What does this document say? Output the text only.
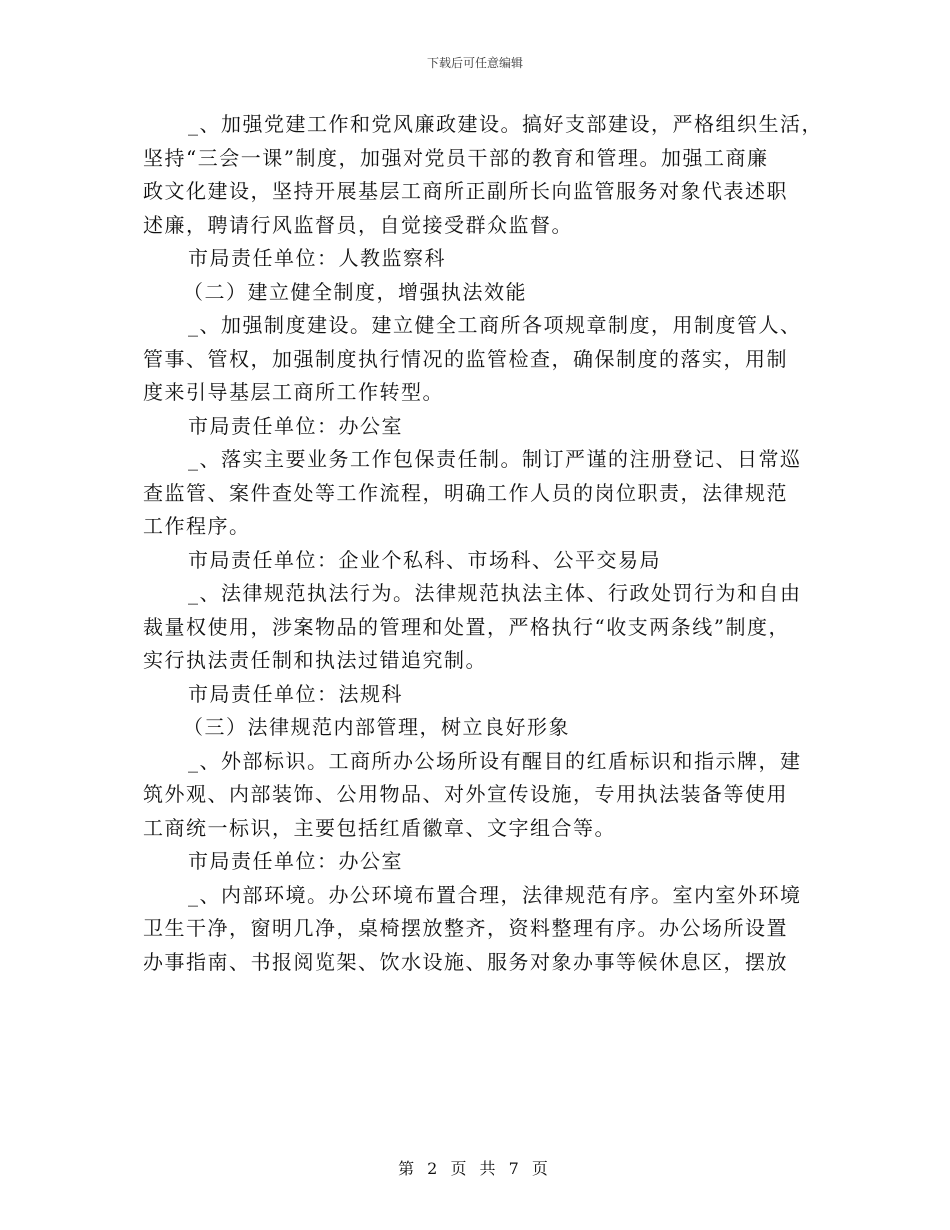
下载后可任意编辑
_、加强党建工作和党风廉政建设。搞好支部建设，严格组织生活，
坚持“三会一课”制度，加强对党员干部的教育和管理。加强工商廉
政文化建设，坚持开展基层工商所正副所长向监管服务对象代表述职
述廉，聘请行风监督员，自觉接受群众监督。
市局责任单位：人教监察科
（二）建立健全制度，增强执法效能
_、加强制度建设。建立健全工商所各项规章制度，用制度管人、
管事、管权，加强制度执行情况的监管检查，确保制度的落实，用制
度来引导基层工商所工作转型。
市局责任单位：办公室
_、落实主要业务工作包保责任制。制订严谨的注册登记、日常巡
查监管、案件查处等工作流程，明确工作人员的岗位职责，法律规范
工作程序。
市局责任单位：企业个私科、市场科、公平交易局
_、法律规范执法行为。法律规范执法主体、行政处罚行为和自由
裁量权使用，涉案物品的管理和处置，严格执行“收支两条线”制度，
实行执法责任制和执法过错追究制。
市局责任单位：法规科
（三）法律规范内部管理，树立良好形象
_、外部标识。工商所办公场所设有醒目的红盾标识和指示牌，建
筑外观、内部装饰、公用物品、对外宣传设施，专用执法装备等使用
工商统一标识，主要包括红盾徽章、文字组合等。
市局责任单位：办公室
_、内部环境。办公环境布置合理，法律规范有序。室内室外环境
卫生干净，窗明几净，桌椅摆放整齐，资料整理有序。办公场所设置
办事指南、书报阅览架、饮水设施、服务对象办事等候休息区，摆放
第 2 页 共 7 页
